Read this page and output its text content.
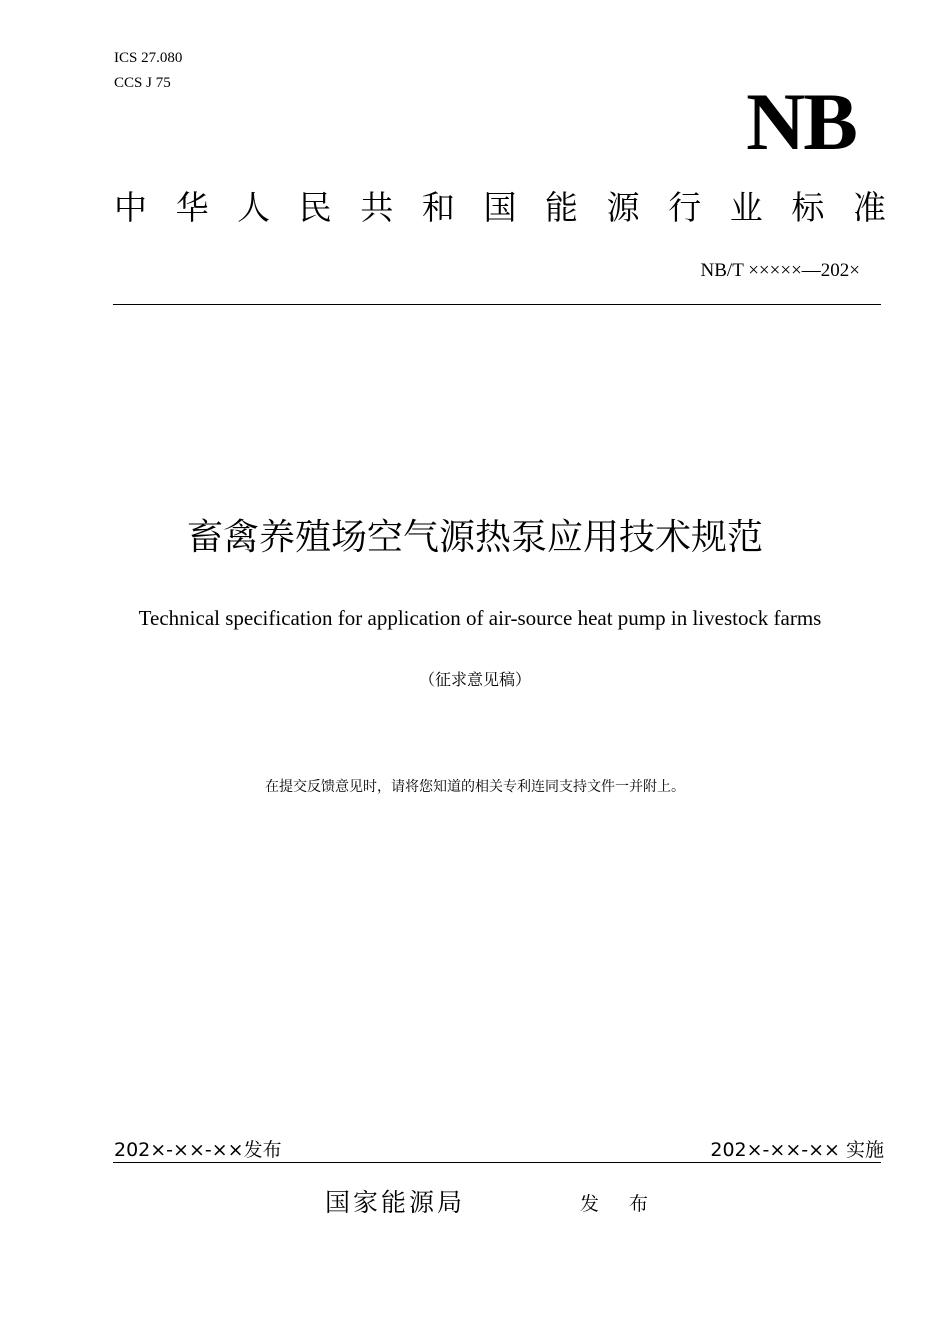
ICS 27.080
CCS J 75	NB
中 华 人 民 共 和 国 能 源 行 业 标 准
NB/T ×××××—202×
畜禽养殖场空气源热泵应用技术规范
Technical specification for application of air-source heat pump in livestock farms
（征求意见稿）
在提交反馈意见时，请将您知道的相关专利连同支持文件一并附上。
202×-××-××发布	202×-××-×× 实施
国家能源局	发 布
